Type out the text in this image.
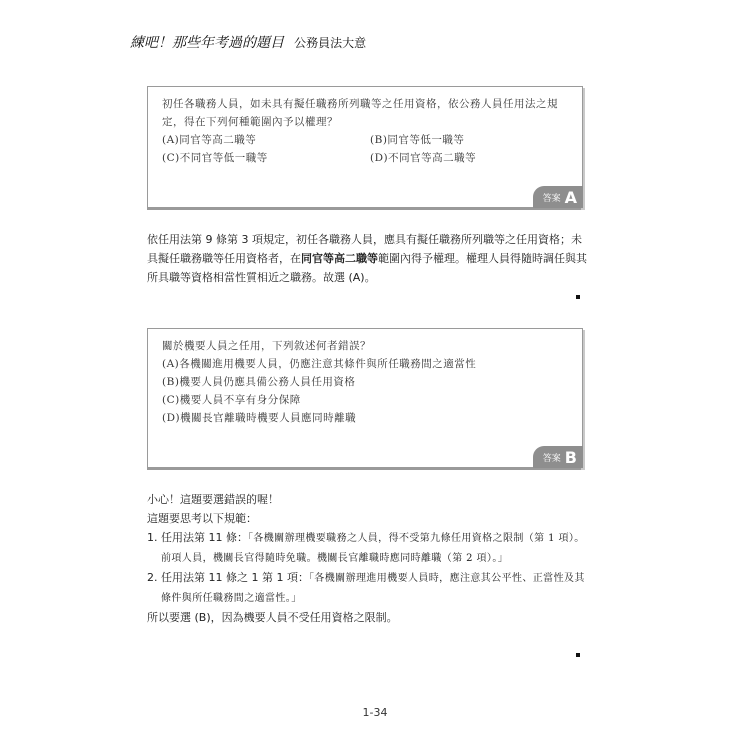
練吧！那些年考過的題目 公務員法大意
初任各職務人員，如未具有擬任職務所列職等之任用資格，依公務人員任用法之規定，得在下列何種範圍內予以權理？
(A)同官等高二職等	(B)同官等低一職等
(C)不同官等低一職等	(D)不同官等高二職等
答案 A
依任用法第 9 條第 3 項規定，初任各職務人員，應具有擬任職務所列職等之任用資格；未具擬任職務職等任用資格者，在同官等高二職等範圍內得予權理。權理人員得隨時調任與其所具職等資格相當性質相近之職務。故選 (A)。
關於機要人員之任用，下列敘述何者錯誤？
(A)各機關進用機要人員，仍應注意其條件與所任職務間之適當性
(B)機要人員仍應具備公務人員任用資格
(C)機要人員不享有身分保障
(D)機關長官離職時機要人員應同時離職
答案 B
小心！這題要選錯誤的喔！
這題要思考以下規範：
1. 任用法第 11 條：「各機關辦理機要職務之人員，得不受第九條任用資格之限制（第 1 項）。前項人員，機關長官得隨時免職。機關長官離職時應同時離職（第 2 項）。」
2. 任用法第 11 條之 1 第 1 項：「各機關辦理進用機要人員時，應注意其公平性、正當性及其條件與所任職務間之適當性。」
所以要選 (B)，因為機要人員不受任用資格之限制。
1-34
